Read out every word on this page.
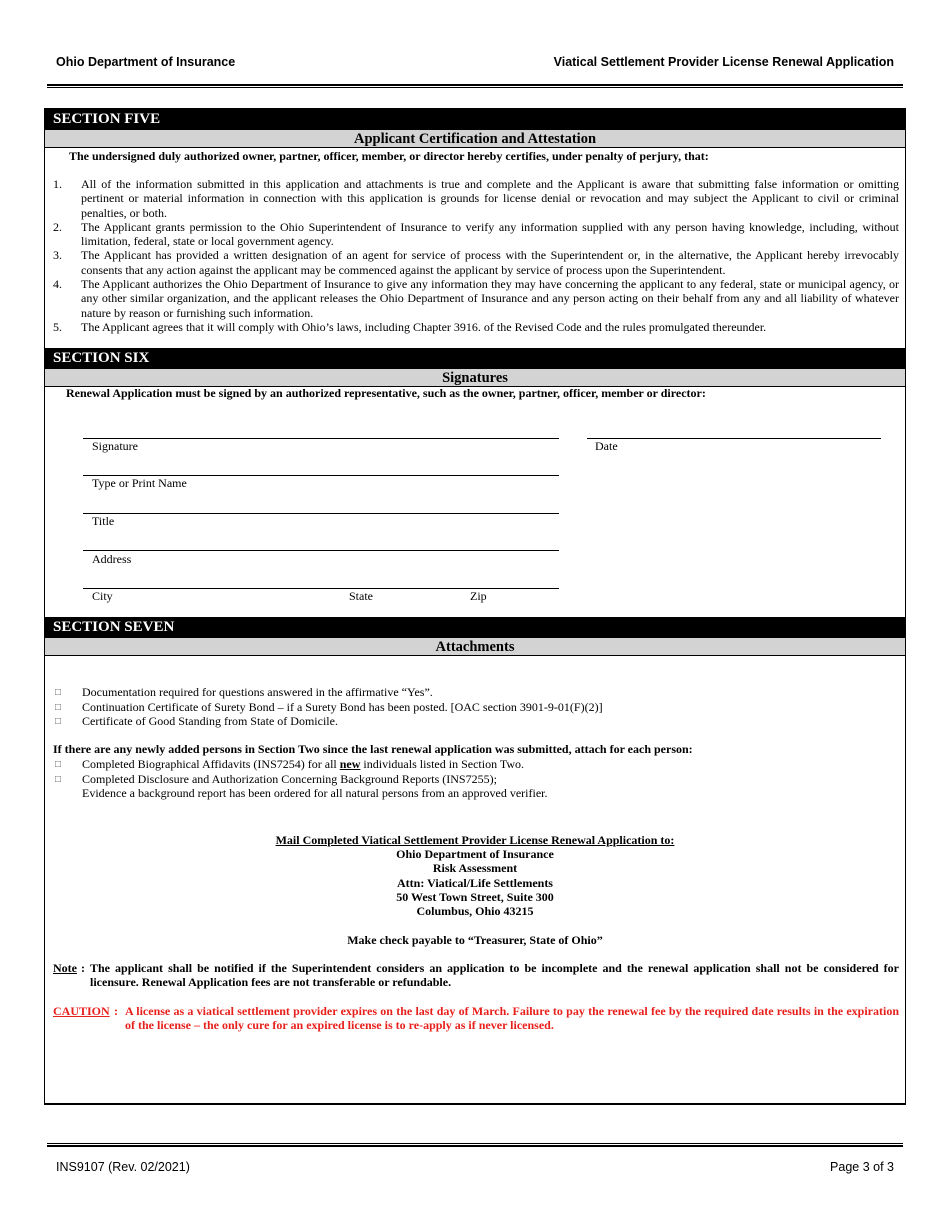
Ohio Department of Insurance	Viatical Settlement Provider License Renewal Application
SECTION FIVE
Applicant Certification and Attestation
The undersigned duly authorized owner, partner, officer, member, or director hereby certifies, under penalty of perjury, that:
1. All of the information submitted in this application and attachments is true and complete and the Applicant is aware that submitting false information or omitting pertinent or material information in connection with this application is grounds for license denial or revocation and may subject the Applicant to civil or criminal penalties, or both.
2. The Applicant grants permission to the Ohio Superintendent of Insurance to verify any information supplied with any person having knowledge, including, without limitation, federal, state or local government agency.
3. The Applicant has provided a written designation of an agent for service of process with the Superintendent or, in the alternative, the Applicant hereby irrevocably consents that any action against the applicant may be commenced against the applicant by service of process upon the Superintendent.
4. The Applicant authorizes the Ohio Department of Insurance to give any information they may have concerning the applicant to any federal, state or municipal agency, or any other similar organization, and the applicant releases the Ohio Department of Insurance and any person acting on their behalf from any and all liability of whatever nature by reason or furnishing such information.
5. The Applicant agrees that it will comply with Ohio’s laws, including Chapter 3916. of the Revised Code and the rules promulgated thereunder.
SECTION SIX
Signatures
Renewal Application must be signed by an authorized representative, such as the owner, partner, officer, member or director:
Signature	Date
Type or Print Name
Title
Address
City	State	Zip
SECTION SEVEN
Attachments
□ Documentation required for questions answered in the affirmative “Yes”.
□ Continuation Certificate of Surety Bond – if a Surety Bond has been posted. [OAC section 3901-9-01(F)(2)]
□ Certificate of Good Standing from State of Domicile.
If there are any newly added persons in Section Two since the last renewal application was submitted, attach for each person:
□ Completed Biographical Affidavits (INS7254) for all new individuals listed in Section Two.
□ Completed Disclosure and Authorization Concerning Background Reports (INS7255);
Evidence a background report has been ordered for all natural persons from an approved verifier.
Mail Completed Viatical Settlement Provider License Renewal Application to:
Ohio Department of Insurance
Risk Assessment
Attn: Viatical/Life Settlements
50 West Town Street, Suite 300
Columbus, Ohio 43215
Make check payable to “Treasurer, State of Ohio”
Note : The applicant shall be notified if the Superintendent considers an application to be incomplete and the renewal application shall not be considered for licensure. Renewal Application fees are not transferable or refundable.
CAUTION : A license as a viatical settlement provider expires on the last day of March. Failure to pay the renewal fee by the required date results in the expiration of the license – the only cure for an expired license is to re-apply as if never licensed.
INS9107 (Rev. 02/2021)	Page 3 of 3
